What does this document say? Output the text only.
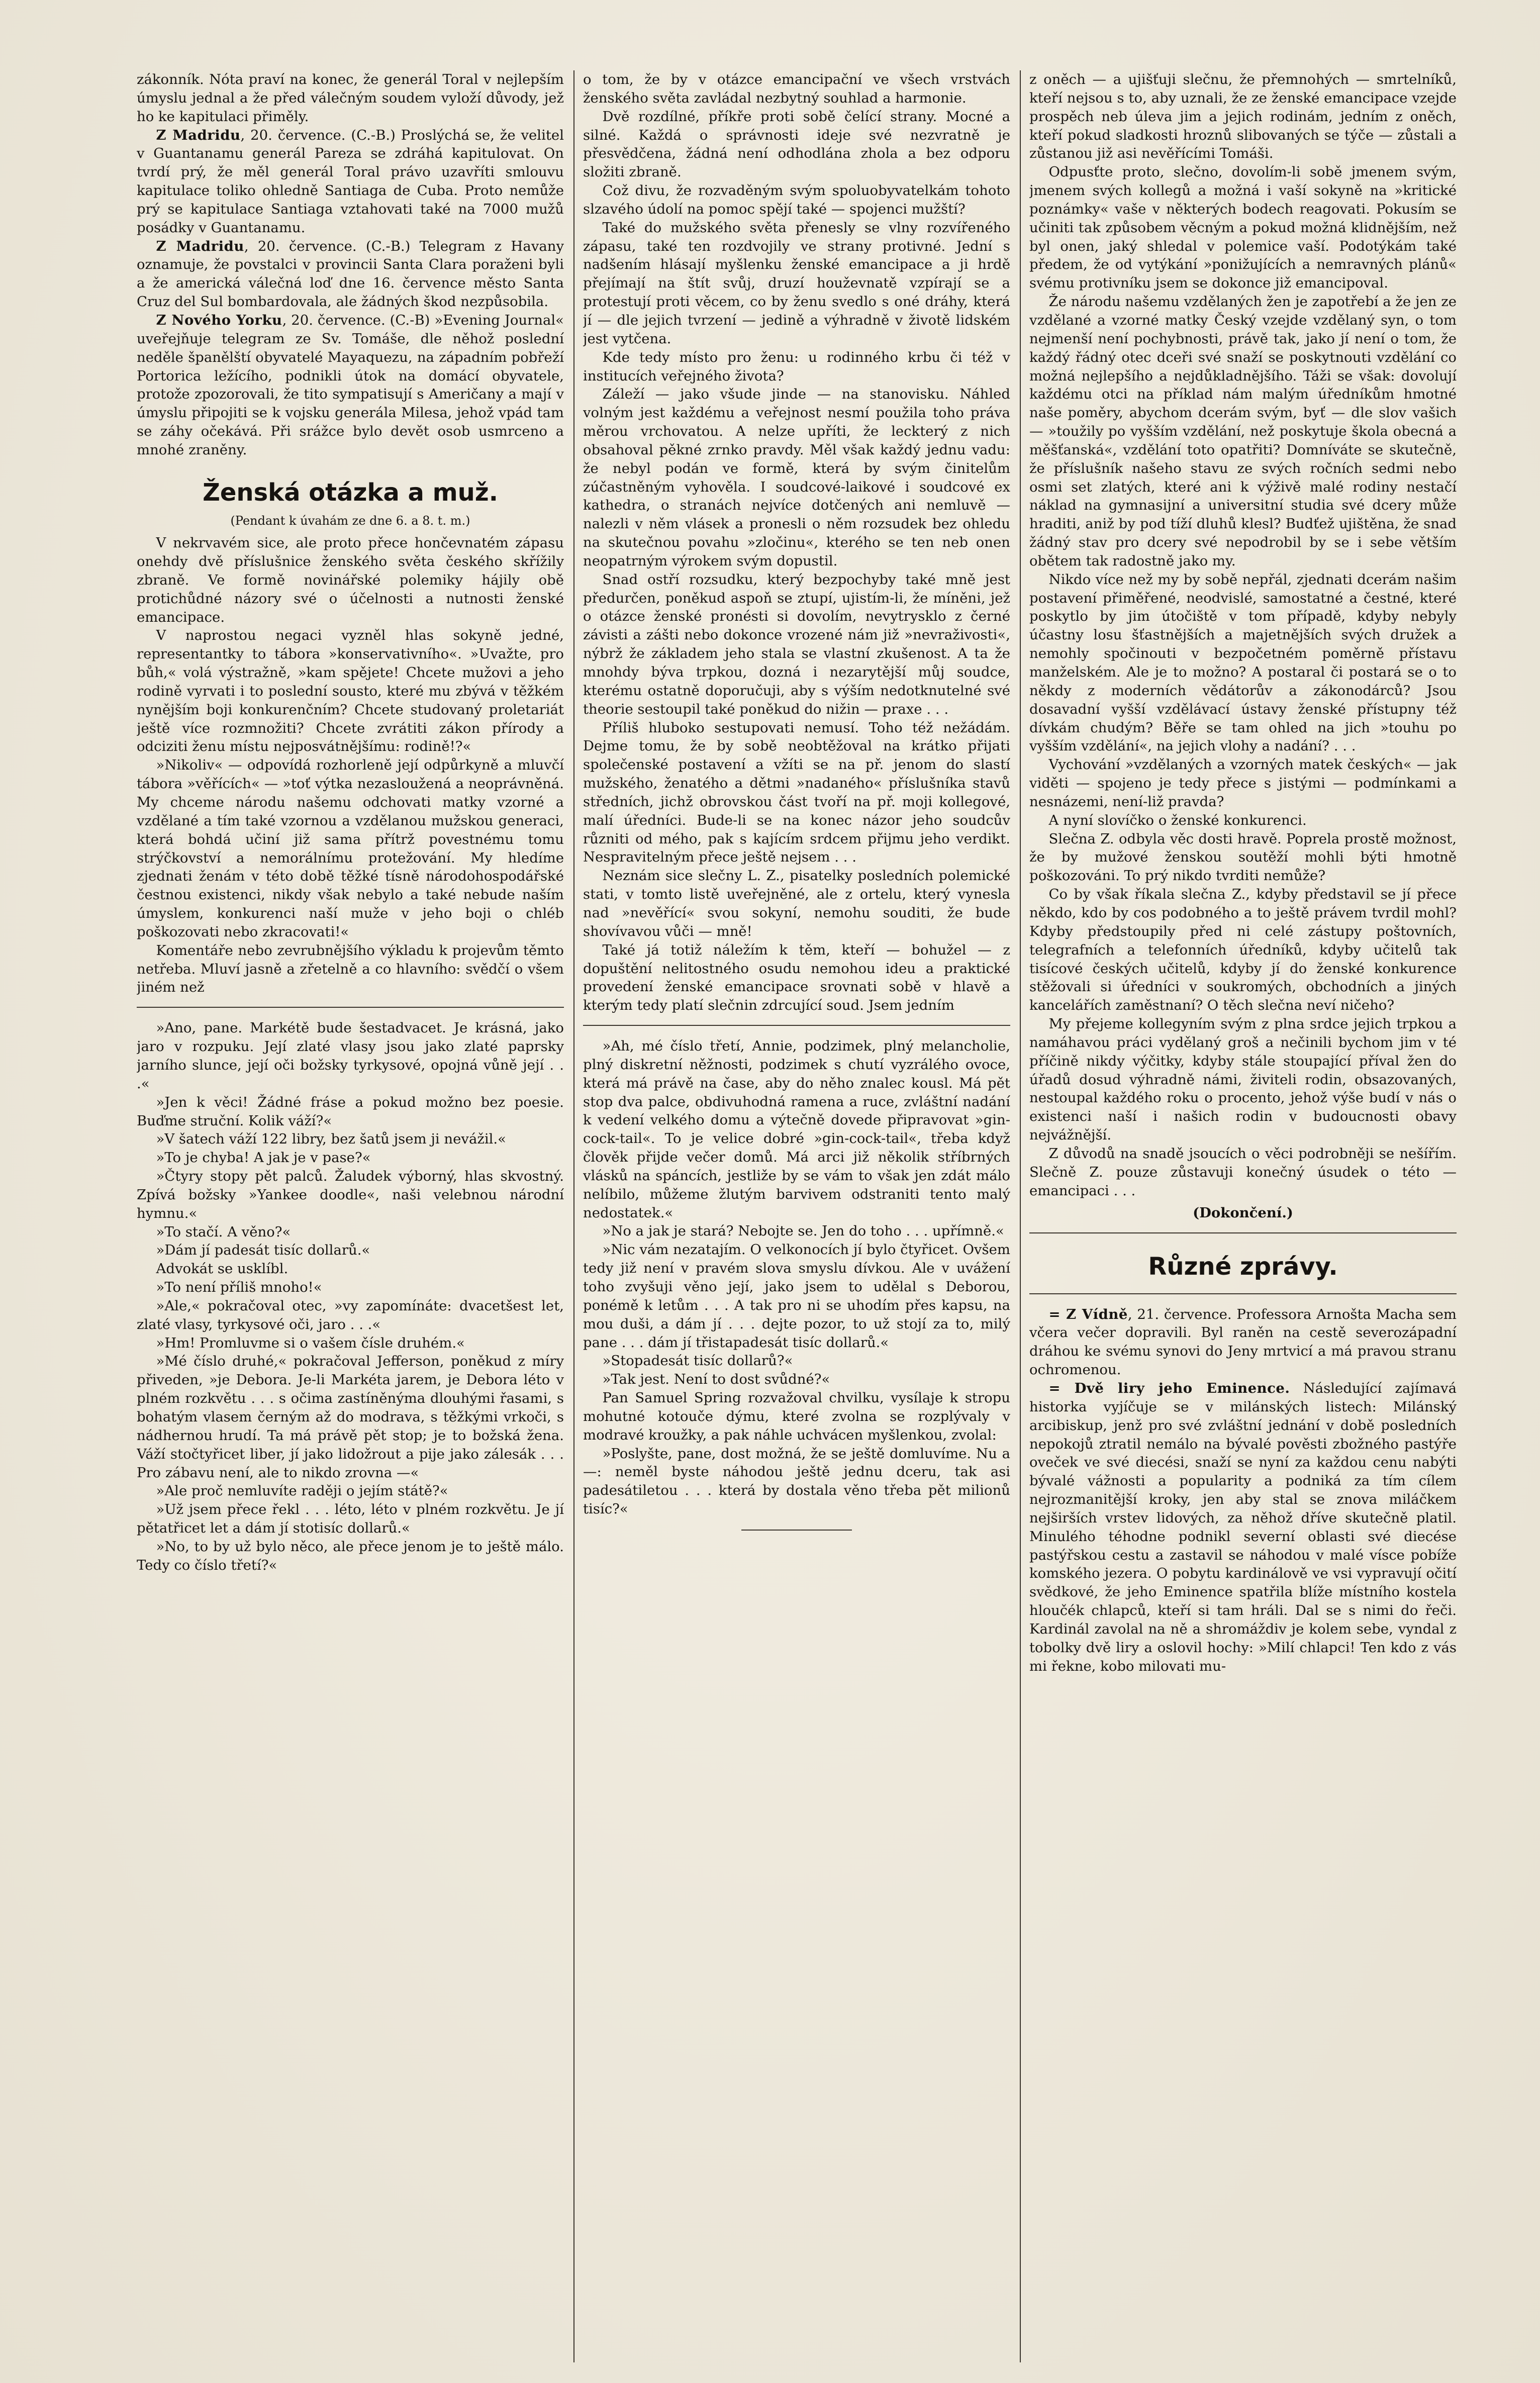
zákonník. Nóta praví na konec, že generál Toral v nejlepším úmyslu jednal a že před válečným soudem vyloží důvody, jež ho ke kapitulaci přiměly.

Z Madridu, 20. července. (C.-B.) Proslýchá se, že velitel v Guantanamu generál Pareza se zdráhá kapitulovat. On tvrdí prý, že měl generál Toral právo uzavříti smlouvu kapitulace toliko ohledně Santiaga de Cuba. Proto nemůže prý se kapitulace Santiaga vztahovati také na 7000 mužů posádky v Guantanamu.

Z Madridu, 20. července. (C.-B.) Telegram z Havany oznamuje, že povstalci v provincii Santa Clara poraženi byli a že americká válečná loď dne 16. července město Santa Cruz del Sul bombardovala, ale žádných škod nezpůsobila.

Z Nového Yorku, 20. července. (C.-B) »Evening Journal« uveřejňuje telegram ze Sv. Tomáše, dle něhož poslední neděle španělští obyvatelé Mayaquezu, na západním pobřeží Portorica ležícího, podnikli útok na domácí obyvatele, protože zpozorovali, že tito sympatisují s Američany a mají v úmyslu připojiti se k vojsku generála Milesa, jehož vpád tam se záhy očekává. Při srážce bylo devět osob usmrceno a mnohé zraněny.

Ženská otázka a muž.

(Pendant k úvahám ze dne 6. a 8. t. m.)

V nekrvavém sice, ale proto přece hončevnatém zápasu onehdy dvě příslušnice ženského světa českého skřížily zbraně. Ve formě novinářské polemiky hájily obě protichůdné názory své o účelnosti a nutnosti ženské emancipace.

V naprostou negaci vyzněl hlas sokyně jedné, representantky to tábora »konservativního«. »Uvažte, pro bůh,« volá výstražně, »kam spějete! Chcete mužovi a jeho rodině vyrvati i to poslední sousto, které mu zbývá v těžkém nynějším boji konkurenčním? Chcete studovaný proletariát ještě více rozmnožiti? Chcete zvrátiti zákon přírody a odciziti ženu místu nejposvátnějšímu: rodině!?«

»Nikoliv« — odpovídá rozhorleně její odpůrkyně a mluvčí tábora »věřících« — »toť výtka nezasloužená a neoprávněná. My chceme národu našemu odchovati matky vzorné a vzdělané a tím také vzornou a vzdělanou mužskou generaci, která bohdá učiní již sama přítrž povestnému tomu strýčkovství a nemorálnímu protežování. My hledíme zjednati ženám v této době těžké tísně národohospodářské čestnou existenci, nikdy však nebylo a také nebude naším úmyslem, konkurenci naší muže v jeho boji o chléb poškozovati nebo zkracovati!«

Komentáře nebo zevrubnějšího výkladu k projevům těmto netřeba. Mluví jasně a zřetelně a co hlavního: svědčí o všem jiném než

»Ano, pane. Markétě bude šestadvacet. Je krásná, jako jaro v rozpuku. Její zlaté vlasy jsou jako zlaté paprsky jarního slunce, její oči božsky tyrkysové, opojná vůně její . . .«

»Jen k věci! Žádné fráse a pokud možno bez poesie. Buďme struční. Kolik váží?«

»V šatech váží 122 libry, bez šatů jsem ji nevážil.«

»To je chyba! A jak je v pase?«

»Čtyry stopy pět palců. Žaludek výborný, hlas skvostný. Zpívá božsky »Yankee doodle«, naši velebnou národní hymnu.«

»To stačí. A věno?«

»Dám jí padesát tisíc dollarů.«

Advokát se usklíbl.

»To není příliš mnoho!«

»Ale,« pokračoval otec, »vy zapomínáte: dvacetšest let, zlaté vlasy, tyrkysové oči, jaro . . .«

»Hm! Promluvme si o vašem čísle druhém.«

»Mé číslo druhé,« pokračoval Jefferson, poněkud z míry přiveden, »je Debora. Je-li Markéta jarem, je Debora léto v plném rozkvětu . . . s očima zastíněnýma dlouhými řasami, s bohatým vlasem černým až do modrava, s těžkými vrkoči, s nádhernou hrudí. Ta má právě pět stop; je to božská žena. Váží stočtyřicet liber, jí jako lidožrout a pije jako zálesák . . . Pro zábavu není, ale to nikdo zrovna —«

»Ale proč nemluvíte raději o jejím státě?«

»Už jsem přece řekl . . . léto, léto v plném rozkvětu. Je jí pětatřicet let a dám jí stotisíc dollarů.«

»No, to by už bylo něco, ale přece jenom je to ještě málo. Tedy co číslo třetí?«

o tom, že by v otázce emancipační ve všech vrstvách ženského světa zavládal nezbytný souhlad a harmonie.

Dvě rozdílné, příkře proti sobě čelící strany. Mocné a silné. Každá o správnosti ideje své nezvratně je přesvědčena, žádná není odhodlána zhola a bez odporu složiti zbraně.

Což divu, že rozvaděným svým spoluobyvatelkám tohoto slzavého údolí na pomoc spějí také — spojenci mužští?

Také do mužského světa přenesly se vlny rozvířeného zápasu, také ten rozdvojily ve strany protivné. Jední s nadšením hlásají myšlenku ženské emancipace a ji hrdě přejímají na štít svůj, druzí houževnatě vzpírají se a protestují proti věcem, co by ženu svedlo s oné dráhy, která jí — dle jejich tvrzení — jedině a výhradně v životě lidském jest vytčena.

Kde tedy místo pro ženu: u rodinného krbu či též v institucích veřejného života?

Záleží — jako všude jinde — na stanovisku. Náhled volným jest každému a veřejnost nesmí použila toho práva měrou vrchovatou. A nelze upříti, že leckterý z nich obsahoval pěkné zrnko pravdy. Měl však každý jednu vadu: že nebyl podán ve formě, která by svým činitelům zúčastněným vyhověla. I soudcové-laikové i soudcové ex kathedra, o stranách nejvíce dotčených ani nemluvě — nalezli v něm vlásek a pronesli o něm rozsudek bez ohledu na skutečnou povahu »zločinu«, kterého se ten neb onen neopatrným výrokem svým dopustil.

Snad ostří rozsudku, který bezpochyby také mně jest předurčen, poněkud aspoň se ztupí, ujistím-li, že míněni, jež o otázce ženské pronésti si dovolím, nevytrysklo z černé závisti a zášti nebo dokonce vrozené nám již »nevraživosti«, nýbrž že základem jeho stala se vlastní zkušenost. A ta že mnohdy býva trpkou, dozná i nezarytější můj soudce, kterému ostatně doporučuji, aby s výším nedotknutelné své theorie sestoupil také poněkud do nižin — praxe . . .

Příliš hluboko sestupovati nemusí. Toho též nežádám. Dejme tomu, že by sobě neobtěžoval na krátko přijati společenské postavení a vžíti se na př. jenom do slastí mužského, ženatého a dětmi »nadaného« příslušníka stavů středních, jichž obrovskou část tvoří na př. moji kollegové, malí úředníci. Bude-li se na konec názor jeho soudcův různiti od mého, pak s kajícím srdcem přijmu jeho verdikt. Nespravitelným přece ještě nejsem . . .

Neznám sice slečny L. Z., pisatelky posledních polemické stati, v tomto listě uveřejněné, ale z ortelu, který vynesla nad »nevěřící« svou sokyní, nemohu souditi, že bude shovívavou vůči — mně!

Také já totiž náležím k těm, kteří — bohužel — z dopuštění nelitostného osudu nemohou ideu a praktické provedení ženské emancipace srovnati sobě v hlavě a kterým tedy platí slečnin zdrcující soud. Jsem jedním

»Ah, mé číslo třetí, Annie, podzimek, plný melancholie, plný diskretní něžnosti, podzimek s chutí vyzrálého ovoce, která má právě na čase, aby do něho znalec kousl. Má pět stop dva palce, obdivuhodná ramena a ruce, zvláštní nadání k vedení velkého domu a výtečně dovede připravovat »gin-cock-tail«. To je velice dobré »gin-cock-tail«, třeba když člověk přijde večer domů. Má arci již několik stříbrných vlásků na spáncích, jestliže by se vám to však jen zdát málo nelíbilo, můžeme žlutým barvivem odstraniti tento malý nedostatek.«

»No a jak je stará? Nebojte se. Jen do toho . . . upřímně.«

»Nic vám nezatajím. O velkonocích jí bylo čtyřicet. Ovšem tedy již není v pravém slova smyslu dívkou. Ale v uvážení toho zvyšuji věno její, jako jsem to udělal s Deborou, ponémě k letům . . . A tak pro ni se uhodím přes kapsu, na mou duši, a dám jí . . . dejte pozor, to už stojí za to, milý pane . . . dám jí třistapadesát tisíc dollarů.«

»Stopadesát tisíc dollarů?«

»Tak jest. Není to dost svůdné?«

Pan Samuel Spring rozvažoval chvilku, vysílaje k stropu mohutné kotouče dýmu, které zvolna se rozplývaly v modravé kroužky, a pak náhle uchvácen myšlenkou, zvolal:

»Poslyšte, pane, dost možná, že se ještě domluvíme. Nu a —: neměl byste náhodou ještě jednu dceru, tak asi padesátiletou . . . která by dostala věno třeba pět milionů tisíc?«

z oněch — a ujišťuji slečnu, že přemnohých — smrtelníků, kteří nejsou s to, aby uznali, že ze ženské emancipace vzejde prospěch neb úleva jim a jejich rodinám, jedním z oněch, kteří pokud sladkosti hroznů slibovaných se týče — zůstali a zůstanou již asi nevěřícími Tomáši.

Odpusťte proto, slečno, dovolím-li sobě jmenem svým, jmenem svých kollegů a možná i vaší sokyně na »kritické poznámky« vaše v některých bodech reagovati. Pokusím se učiniti tak způsobem věcným a pokud možná klidnějším, než byl onen, jaký shledal v polemice vaší. Podotýkám také předem, že od vytýkání »ponižujících a nemravných plánů« svému protivníku jsem se dokonce již emancipoval.

Že národu našemu vzdělaných žen je zapotřebí a že jen ze vzdělané a vzorné matky Český vzejde vzdělaný syn, o tom nejmenší není pochybnosti, právě tak, jako jí není o tom, že každý řádný otec dceři své snaží se poskytnouti vzdělání co možná nejlepšího a nejdůkladnějšího. Táži se však: dovolují každému otci na příklad nám malým úředníkům hmotné naše poměry, abychom dcerám svým, byť — dle slov vašich — »toužily po vyšším vzdělání, než poskytuje škola obecná a měšťanská«, vzdělání toto opatřiti? Domníváte se skutečně, že příslušník našeho stavu ze svých ročních sedmi nebo osmi set zlatých, které ani k výživě malé rodiny nestačí náklad na gymnasijní a universitní studia své dcery může hraditi, aniž by pod tíží dluhů klesl? Budťež ujištěna, že snad žádný stav pro dcery své nepodrobil by se i sebe větším obětem tak radostně jako my.

Nikdo více než my by sobě nepřál, zjednati dcerám našim postavení přiměřené, neodvislé, samostatné a čestné, které poskytlo by jim útočiště v tom případě, kdyby nebyly účastny losu šťastnějších a majetnějších svých družek a nemohly spočinouti v bezpočetném poměrně přístavu manželském. Ale je to možno? A postaral či postará se o to někdy z moderních vědátorův a zákonodárců? Jsou dosavadní vyšší vzdělávací ústavy ženské přístupny též dívkám chudým? Běře se tam ohled na jich »touhu po vyšším vzdělání«, na jejich vlohy a nadání? . . .

Vychování »vzdělaných a vzorných matek českých« — jak viděti — spojeno je tedy přece s jistými — podmínkami a nesnázemi, není-liž pravda?

A nyní slovíčko o ženské konkurenci.

Slečna Z. odbyla věc dosti hravě. Poprela prostě možnost, že by mužové ženskou soutěží mohli býti hmotně poškozováni. To prý nikdo tvrditi nemůže?

Co by však říkala slečna Z., kdyby představil se jí přece někdo, kdo by cos podobného a to ještě právem tvrdil mohl? Kdyby předstoupily před ni celé zástupy poštovních, telegrafních a telefonních úředníků, kdyby učitelů tak tisícové českých učitelů, kdyby jí do ženské konkurence stěžovali si úředníci v soukromých, obchodních a jiných kancelářích zaměstnaní? O těch slečna neví ničeho?

My přejeme kollegyním svým z plna srdce jejich trpkou a namáhavou práci vydělaný groš a nečinili bychom jim v té příčině nikdy výčitky, kdyby stále stoupající příval žen do úřadů dosud výhradně námi, živiteli rodin, obsazovaných, nestoupal každého roku o procento, jehož výše budí v nás o existenci naší i našich rodin v budoucnosti obavy nejvážnější.

Z důvodů na snadě jsoucích o věci podrobněji se nešířím. Slečně Z. pouze zůstavuji konečný úsudek o této — emancipaci . . .

(Dokončení.)

Různé zprávy.

= Z Vídně, 21. července. Professora Arnošta Macha sem včera večer dopravili. Byl raněn na cestě severozápadní dráhou ke svému synovi do Jeny mrtvicí a má pravou stranu ochromenou.

= Dvě liry jeho Eminence. Následující zajímavá historka vyjíčuje se v milánských listech: Milánský arcibiskup, jenž pro své zvláštní jednání v době posledních nepokojů ztratil nemálo na bývalé pověsti zbožného pastýře oveček ve své diecési, snaží se nyní za každou cenu nabýti bývalé vážnosti a popularity a podniká za tím cílem nejrozmanitější kroky, jen aby stal se znova miláčkem nejširších vrstev lidových, za něhož dříve skutečně platil. Minulého téhodne podnikl severní oblasti své diecése pastýřskou cestu a zastavil se náhodou v malé vísce pobíže komského jezera. O pobytu kardinálově ve vsi vypravují očití svědkové, že jeho Eminence spatřila blíže místního kostela hloučék chlapců, kteří si tam hráli. Dal se s nimi do řeči. Kardinál zavolal na ně a shromáždiv je kolem sebe, vyndal z tobolky dvě liry a oslovil hochy: »Milí chlapci! Ten kdo z vás mi řekne, kobo milovati mu-
